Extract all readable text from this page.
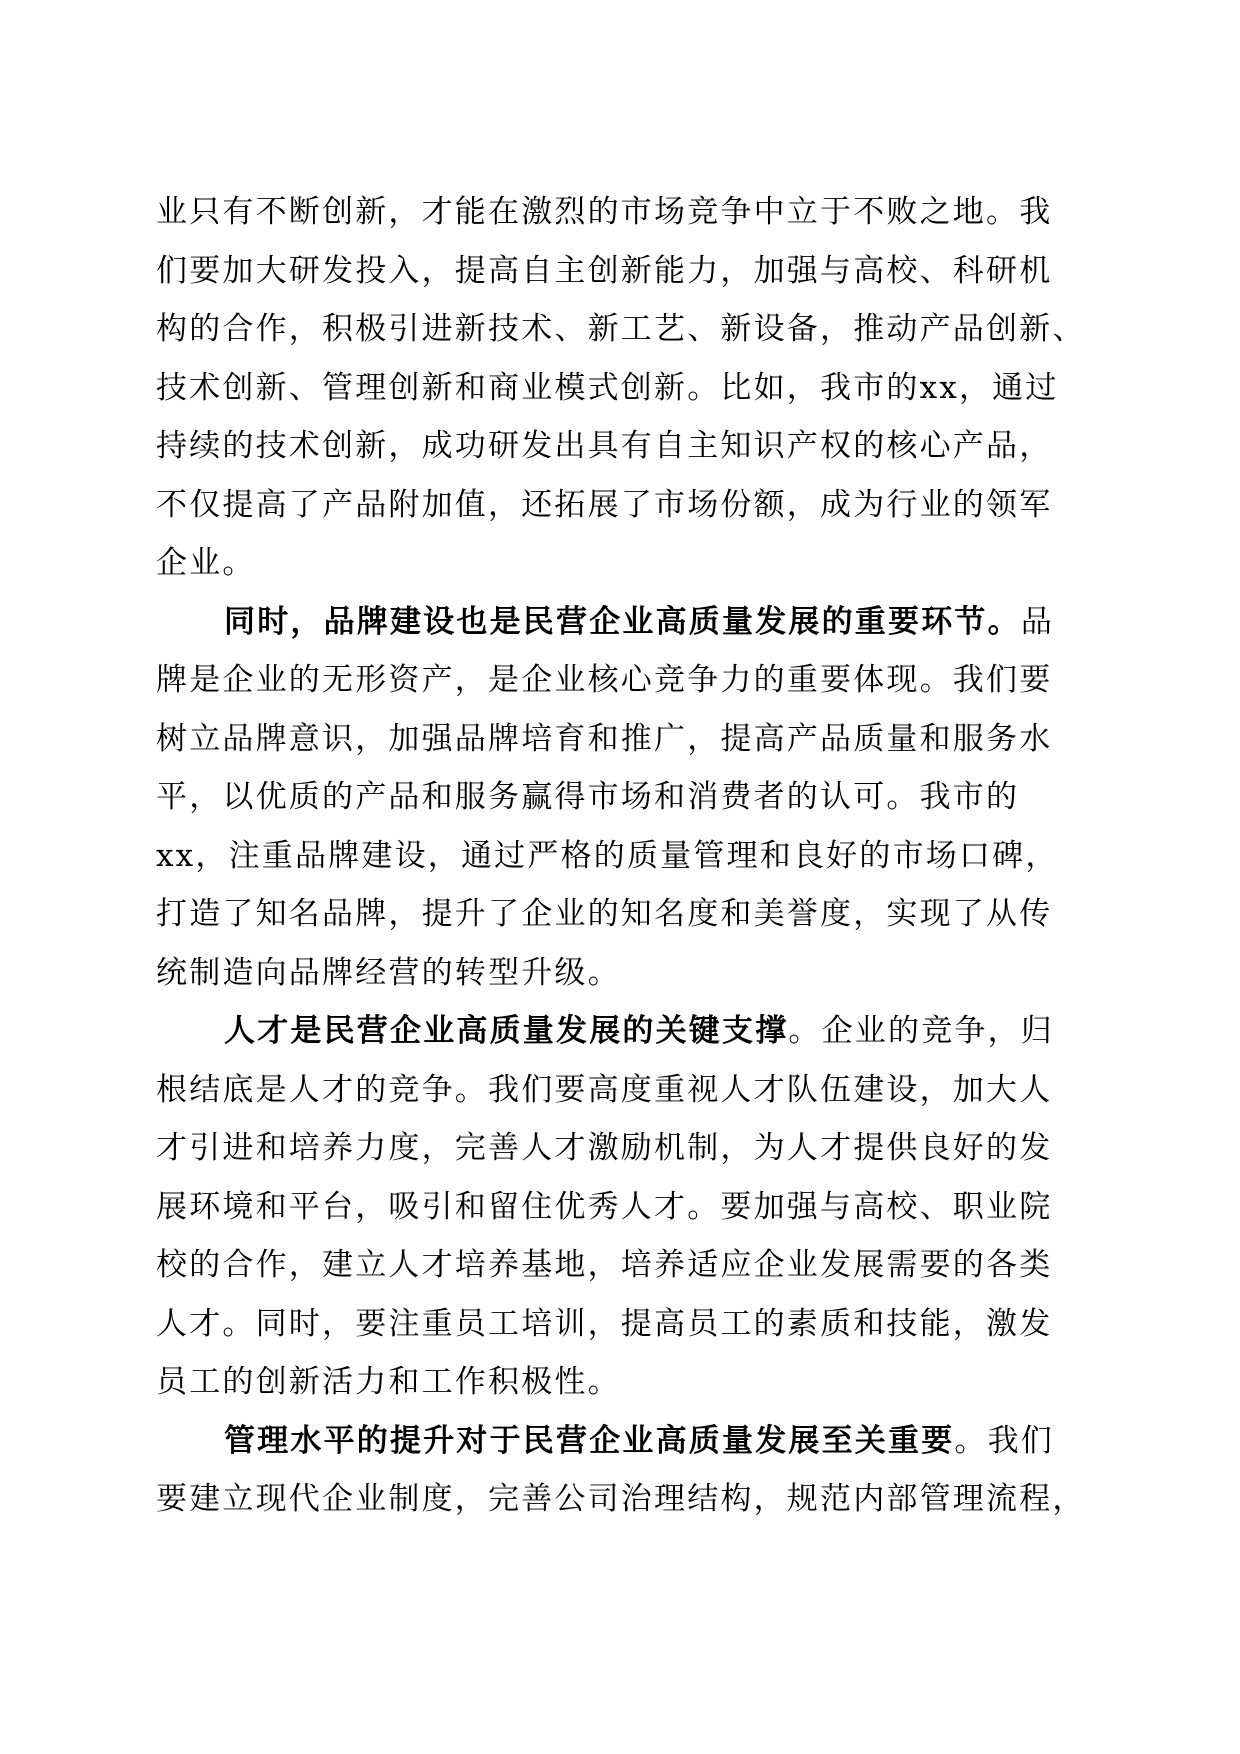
业只有不断创新，才能在激烈的市场竞争中立于不败之地。我
们要加大研发投入，提高自主创新能力，加强与高校、科研机
构的合作，积极引进新技术、新工艺、新设备，推动产品创新、
技术创新、管理创新和商业模式创新。比如，我市的xx，通过
持续的技术创新，成功研发出具有自主知识产权的核心产品，
不仅提高了产品附加值，还拓展了市场份额，成为行业的领军
企业。
同时，品牌建设也是民营企业高质量发展的重要环节。品
牌是企业的无形资产，是企业核心竞争力的重要体现。我们要
树立品牌意识，加强品牌培育和推广，提高产品质量和服务水
平，以优质的产品和服务赢得市场和消费者的认可。我市的
xx，注重品牌建设，通过严格的质量管理和良好的市场口碑，
打造了知名品牌，提升了企业的知名度和美誉度，实现了从传
统制造向品牌经营的转型升级。
人才是民营企业高质量发展的关键支撑。企业的竞争，归
根结底是人才的竞争。我们要高度重视人才队伍建设，加大人
才引进和培养力度，完善人才激励机制，为人才提供良好的发
展环境和平台，吸引和留住优秀人才。要加强与高校、职业院
校的合作，建立人才培养基地，培养适应企业发展需要的各类
人才。同时，要注重员工培训，提高员工的素质和技能，激发
员工的创新活力和工作积极性。
管理水平的提升对于民营企业高质量发展至关重要。我们
要建立现代企业制度，完善公司治理结构，规范内部管理流程，
